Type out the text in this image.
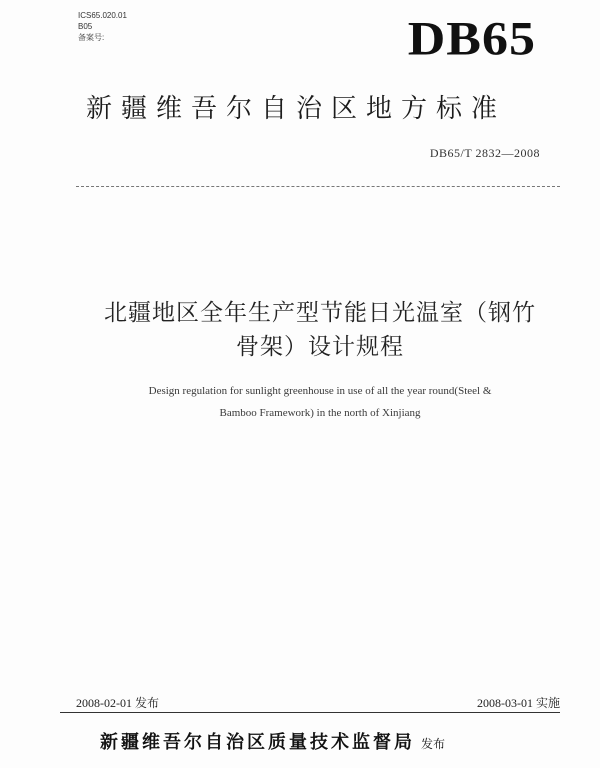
ICS65.020.01
B05
备案号:	DB65
新疆维吾尔自治区地方标准
DB65/T 2832—2008
北疆地区全年生产型节能日光温室（钢竹
骨架）设计规程
Design regulation for sunlight greenhouse in use of all the year round(Steel &
Bamboo Framework) in the north of Xinjiang
2008-02-01 发布	2008-03-01 实施
新疆维吾尔自治区质量技术监督局 发布
